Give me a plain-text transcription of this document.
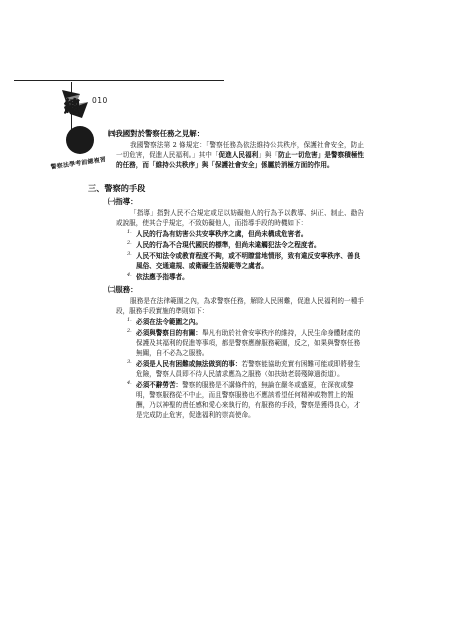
總 010
警察法學考前總複習
㈣我國對於警察任務之見解：

我國警察法第 2 條規定：「警察任務為依法維持公共秩序，保護社會安全，防止一切危害，促進人民福利。」其中「促進人民福利」與「防止一切危害」是警察積極性的任務，而「維持公共秩序」與「保護社會安全」係屬於消極方面的作用。

三、警察的手段
㈠指導：

「指導」指對人民不合規定或足以妨礙他人的行為予以教導、糾正、制止、勸告或說服，使其合乎規定，不致妨礙他人，而指導手段的時機如下：

1. 人民的行為有妨害公共安寧秩序之虞，但尚未構成危害者。
2. 人民的行為不合現代國民的標準，但尚未違觸犯法令之程度者。
3. 人民不知法令或教育程度不夠，或不明瞭當地情形，致有違反安寧秩序、善良風俗、交通違規、或衛礙生活規範等之虞者。
4. 依法應予指導者。
㈡服務：

服務是在法律範圍之內，為求警察任務，解除人民困難，促進人民福利的一種手段，服務手段實施的準則如下：

1. 必須在法令範圍之內。
2. 必須與警察目的有關：舉凡有助於社會安寧秩序的維持，人民生命身體財產的保護及其福利的促進等事項，都是警察應辦服務範圍，反之，如果與警察任務無關，自不必為之服務。
3. 必須是人民有困難或無法做到的事：若警察能協助充實有困難可能或即將發生危險，警察人員即不待人民請求應為之服務（如扶助老弱殘障過街道）。
4. 必須不辭勞苦：警察的服務是不講條件的，無論在嚴冬或盛夏，在深夜或黎明，警察服務從不中止，而且警察服務也不應該希望任何精神或物質上的報酬，乃以神聖的責任感和愛心來執行的，有服務的手段，警察是獲得良心，才是完成防止危害，促進福利的崇高使命。
